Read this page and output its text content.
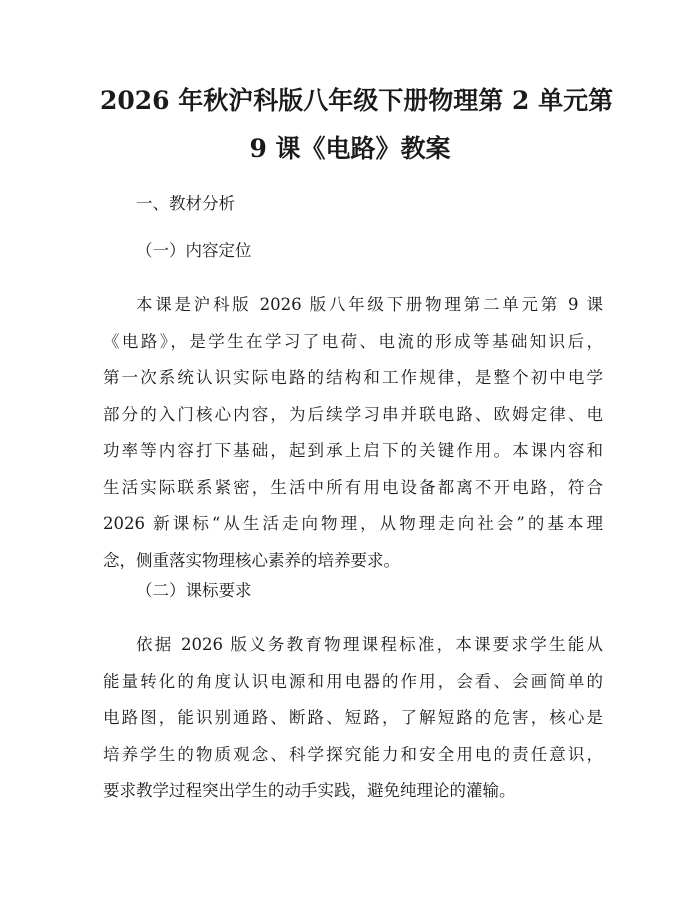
2026 年秋沪科版八年级下册物理第 2 单元第
9 课《电路》教案
一、教材分析
（一）内容定位
本课是沪科版 2026 版八年级下册物理第二单元第 9 课
《电路》，是学生在学习了电荷、电流的形成等基础知识后，
第一次系统认识实际电路的结构和工作规律，是整个初中电学
部分的入门核心内容，为后续学习串并联电路、欧姆定律、电
功率等内容打下基础，起到承上启下的关键作用。本课内容和
生活实际联系紧密，生活中所有用电设备都离不开电路，符合
2026 新课标“从生活走向物理，从物理走向社会”的基本理
念，侧重落实物理核心素养的培养要求。
（二）课标要求
依据 2026 版义务教育物理课程标准，本课要求学生能从
能量转化的角度认识电源和用电器的作用，会看、会画简单的
电路图，能识别通路、断路、短路，了解短路的危害，核心是
培养学生的物质观念、科学探究能力和安全用电的责任意识，
要求教学过程突出学生的动手实践，避免纯理论的灌输。
